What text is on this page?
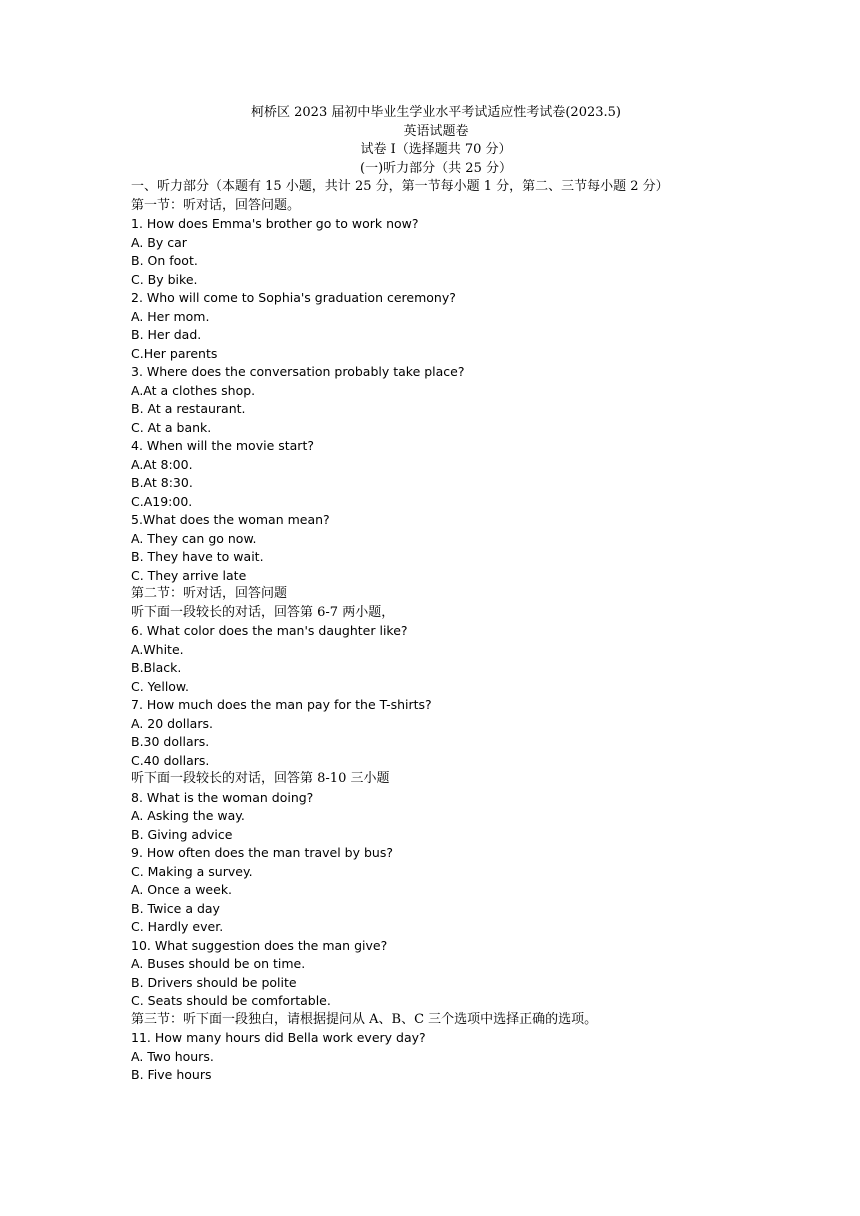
柯桥区 2023 届初中毕业生学业水平考试适应性考试卷(2023.5)
英语试题卷
试卷 I（选择题共 70 分）
(一)听力部分（共 25 分）
一、听力部分（本题有 15 小题，共计 25 分，第一节每小题 1 分，第二、三节每小题 2 分）
第一节：听对话，回答问题。
1. How does Emma's brother go to work now?
A. By car
B. On foot.
C. By bike.
2. Who will come to Sophia's graduation ceremony?
A. Her mom.
B. Her dad.
C.Her parents
3. Where does the conversation probably take place?
A.At a clothes shop.
B. At a restaurant.
C. At a bank.
4. When will the movie start?
A.At 8:00.
B.At 8:30.
C.A19:00.
5.What does the woman mean?
A. They can go now.
B. They have to wait.
C. They arrive late
第二节：听对话，回答问题
听下面一段较长的对话，回答第 6-7 两小题，
6. What color does the man's daughter like?
A.White.
B.Black.
C. Yellow.
7. How much does the man pay for the T-shirts?
A. 20 dollars.
B.30 dollars.
C.40 dollars.
听下面一段较长的对话，回答第 8-10 三小题
8. What is the woman doing?
A. Asking the way.
B. Giving advice
9. How often does the man travel by bus?
C. Making a survey.
A. Once a week.
B. Twice a day
C. Hardly ever.
10. What suggestion does the man give?
A. Buses should be on time.
B. Drivers should be polite
C. Seats should be comfortable.
第三节：听下面一段独白，请根据提问从 A、B、C 三个选项中选择正确的选项。
11. How many hours did Bella work every day?
A. Two hours.
B. Five hours
